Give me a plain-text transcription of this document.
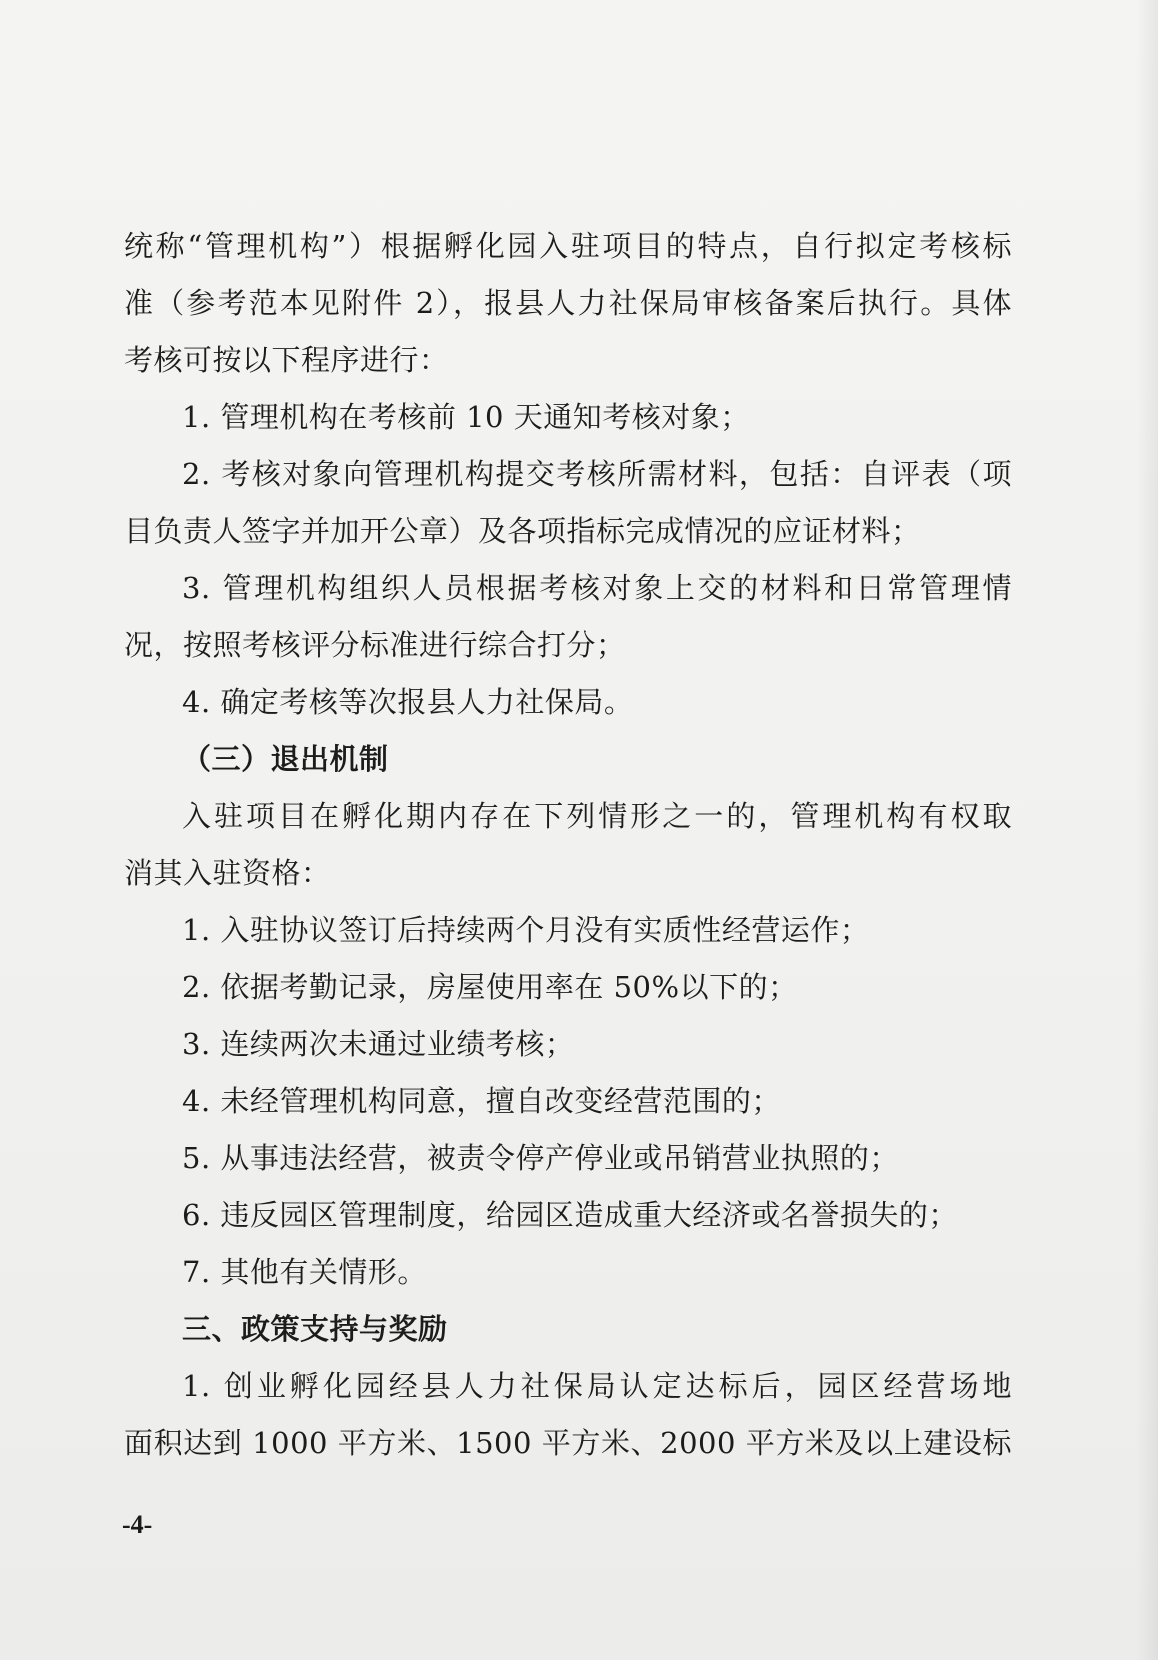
统称“管理机构”）根据孵化园入驻项目的特点，自行拟定考核标
准（参考范本见附件 2），报县人力社保局审核备案后执行。具体
考核可按以下程序进行：
1. 管理机构在考核前 10 天通知考核对象；
2. 考核对象向管理机构提交考核所需材料，包括：自评表（项
目负责人签字并加开公章）及各项指标完成情况的应证材料；
3. 管理机构组织人员根据考核对象上交的材料和日常管理情
况，按照考核评分标准进行综合打分；
4. 确定考核等次报县人力社保局。
（三）退出机制
入驻项目在孵化期内存在下列情形之一的，管理机构有权取
消其入驻资格：
1. 入驻协议签订后持续两个月没有实质性经营运作；
2. 依据考勤记录，房屋使用率在 50%以下的；
3. 连续两次未通过业绩考核；
4. 未经管理机构同意，擅自改变经营范围的；
5. 从事违法经营，被责令停产停业或吊销营业执照的；
6. 违反园区管理制度，给园区造成重大经济或名誉损失的；
7. 其他有关情形。
三、政策支持与奖励
1. 创业孵化园经县人力社保局认定达标后，园区经营场地
面积达到 1000 平方米、1500 平方米、2000 平方米及以上建设标
-4-
